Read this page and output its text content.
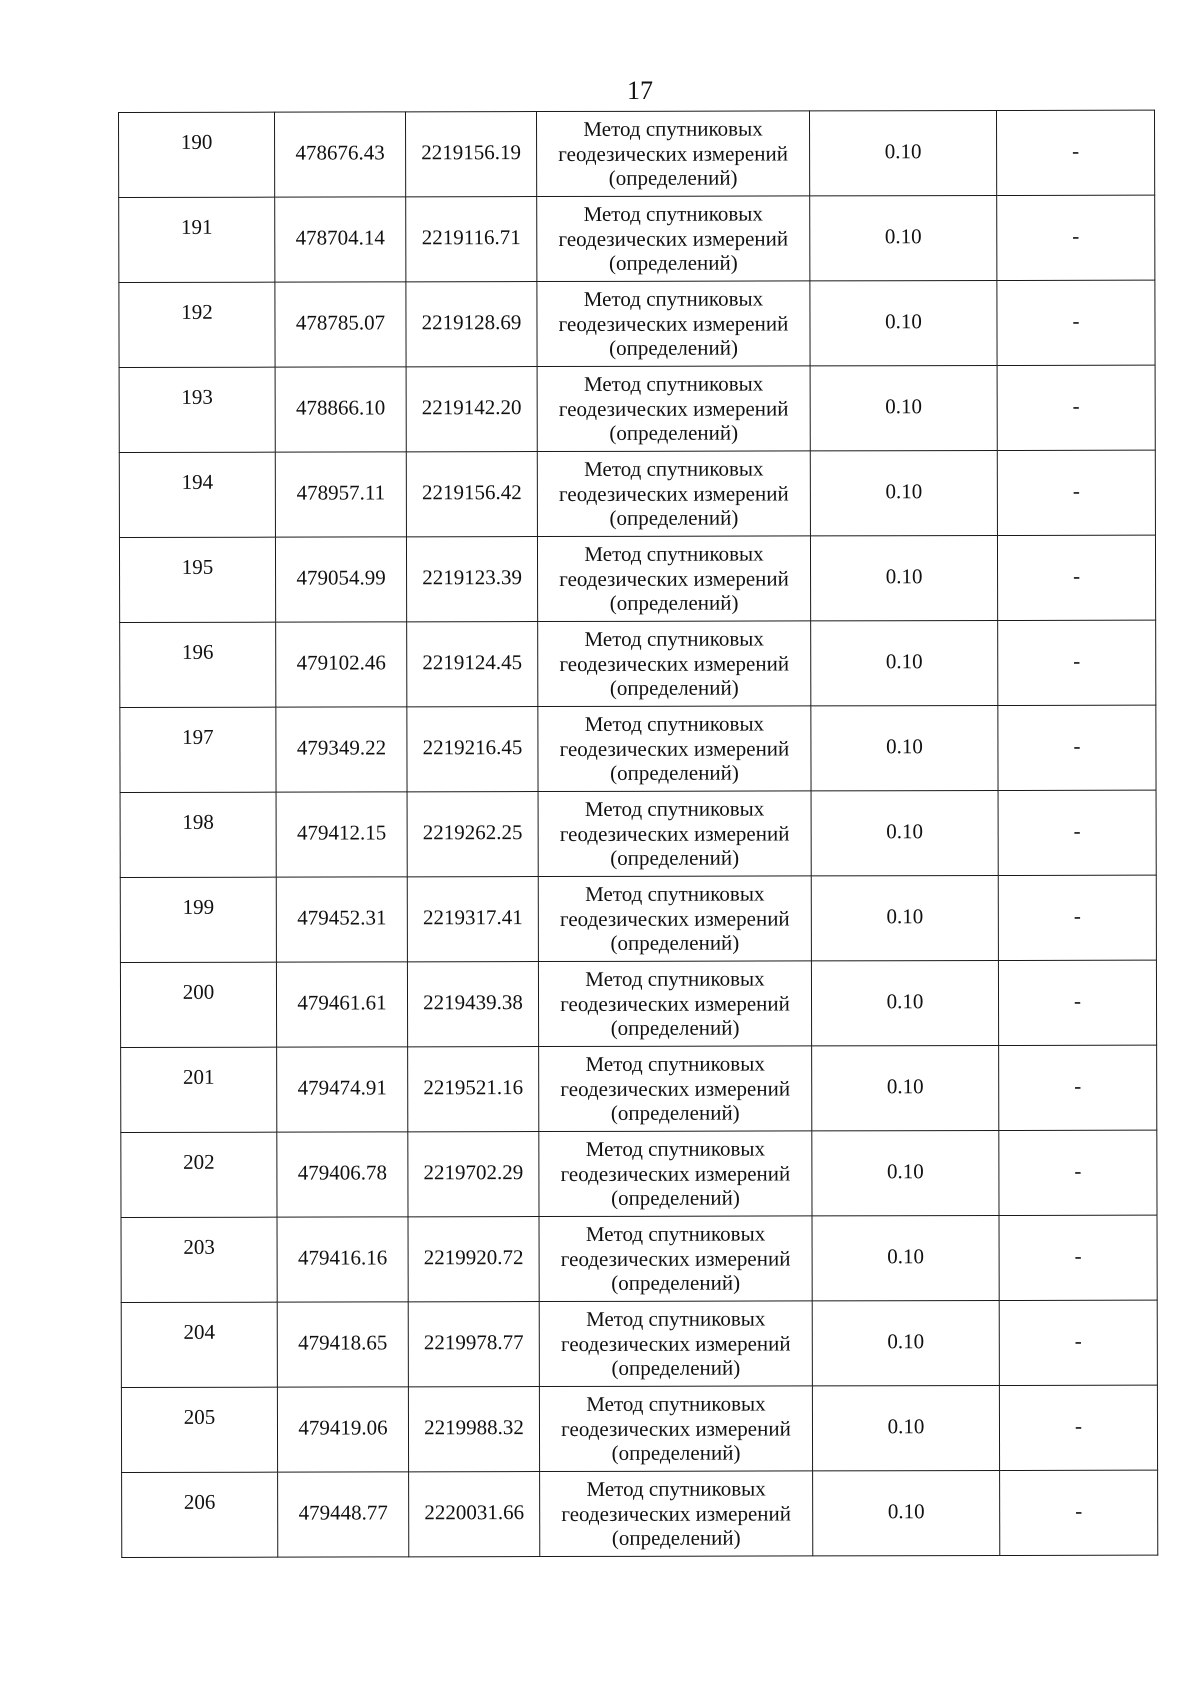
17
190	478676.43	2219156.19	Метод спутниковых
геодезических измерений
(определений)	0.10	-
191	478704.14	2219116.71	Метод спутниковых
геодезических измерений
(определений)	0.10	-
192	478785.07	2219128.69	Метод спутниковых
геодезических измерений
(определений)	0.10	-
193	478866.10	2219142.20	Метод спутниковых
геодезических измерений
(определений)	0.10	-
194	478957.11	2219156.42	Метод спутниковых
геодезических измерений
(определений)	0.10	-
195	479054.99	2219123.39	Метод спутниковых
геодезических измерений
(определений)	0.10	-
196	479102.46	2219124.45	Метод спутниковых
геодезических измерений
(определений)	0.10	-
197	479349.22	2219216.45	Метод спутниковых
геодезических измерений
(определений)	0.10	-
198	479412.15	2219262.25	Метод спутниковых
геодезических измерений
(определений)	0.10	-
199	479452.31	2219317.41	Метод спутниковых
геодезических измерений
(определений)	0.10	-
200	479461.61	2219439.38	Метод спутниковых
геодезических измерений
(определений)	0.10	-
201	479474.91	2219521.16	Метод спутниковых
геодезических измерений
(определений)	0.10	-
202	479406.78	2219702.29	Метод спутниковых
геодезических измерений
(определений)	0.10	-
203	479416.16	2219920.72	Метод спутниковых
геодезических измерений
(определений)	0.10	-
204	479418.65	2219978.77	Метод спутниковых
геодезических измерений
(определений)	0.10	-
205	479419.06	2219988.32	Метод спутниковых
геодезических измерений
(определений)	0.10	-
206	479448.77	2220031.66	Метод спутниковых
геодезических измерений
(определений)	0.10	-
